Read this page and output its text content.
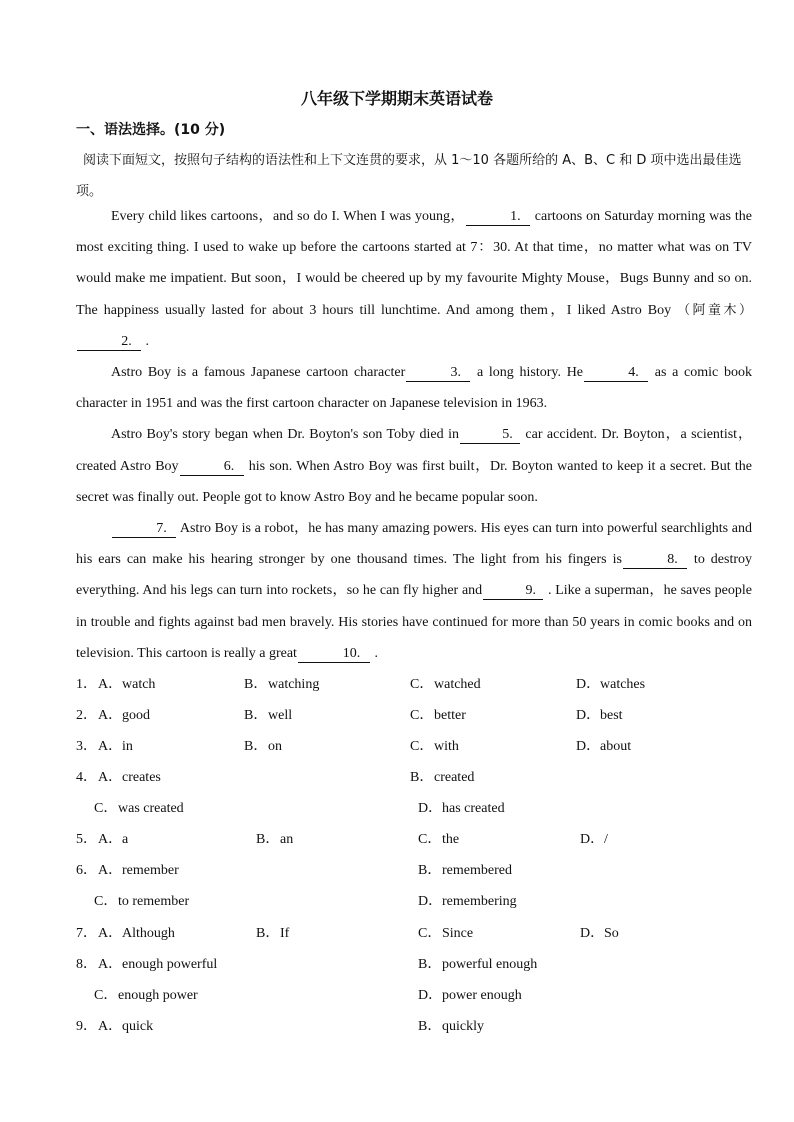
八年级下学期期末英语试卷
一、语法选择。(10 分)
阅读下面短文，按照句子结构的语法性和上下文连贯的要求，从 1～10 各题所给的 A、B、C 和 D 项中选出最佳选项。

Every child likes cartoons，and so do I. When I was young，	1. cartoons on Saturday morning was the most exciting thing. I used to wake up before the cartoons started at 7：30. At that time，no matter what was on TV would make me impatient. But soon，I would be cheered up by my favourite Mighty Mouse，Bugs Bunny and so on. The happiness usually lasted for about 3 hours till lunchtime. And among them，I liked Astro Boy （阿童木）2. .

Astro Boy is a famous Japanese cartoon character	3. a long history. He	4. as a comic book character in 1951 and was the first cartoon character on Japanese television in 1963.

Astro Boy's story began when Dr. Boyton's son Toby died in	5. car accident. Dr. Boyton，a scientist，created Astro Boy	6. his son. When Astro Boy was first built，Dr. Boyton wanted to keep it a secret. But the secret was finally out. People got to know Astro Boy and he became popular soon.

7. Astro Boy is a robot，he has many amazing powers. His eyes can turn into powerful searchlights and his ears can make his hearing stronger by one thousand times. The light from his fingers is	8. to destroy everything. And his legs can turn into rockets，so he can fly higher and	9. . Like a superman，he saves people in trouble and fights against bad men bravely. His stories have continued for more than 50 years in comic books and on television. This cartoon is really a great	10. .

1． A．watch	B．watching	C．watched	D．watches
2． A．good	B．well	C．better	D．best
3． A．in	B．on	C．with	D．about
4． A．creates	B．created
C．was created	D．has created
5． A．a	B．an	C．the	D．/
6． A．remember	B．remembered
C．to remember	D．remembering
7． A．Although	B．If	C．Since	D．So
8． A．enough powerful	B．powerful enough
C．enough power	D．power enough
9． A．quick	B．quickly
